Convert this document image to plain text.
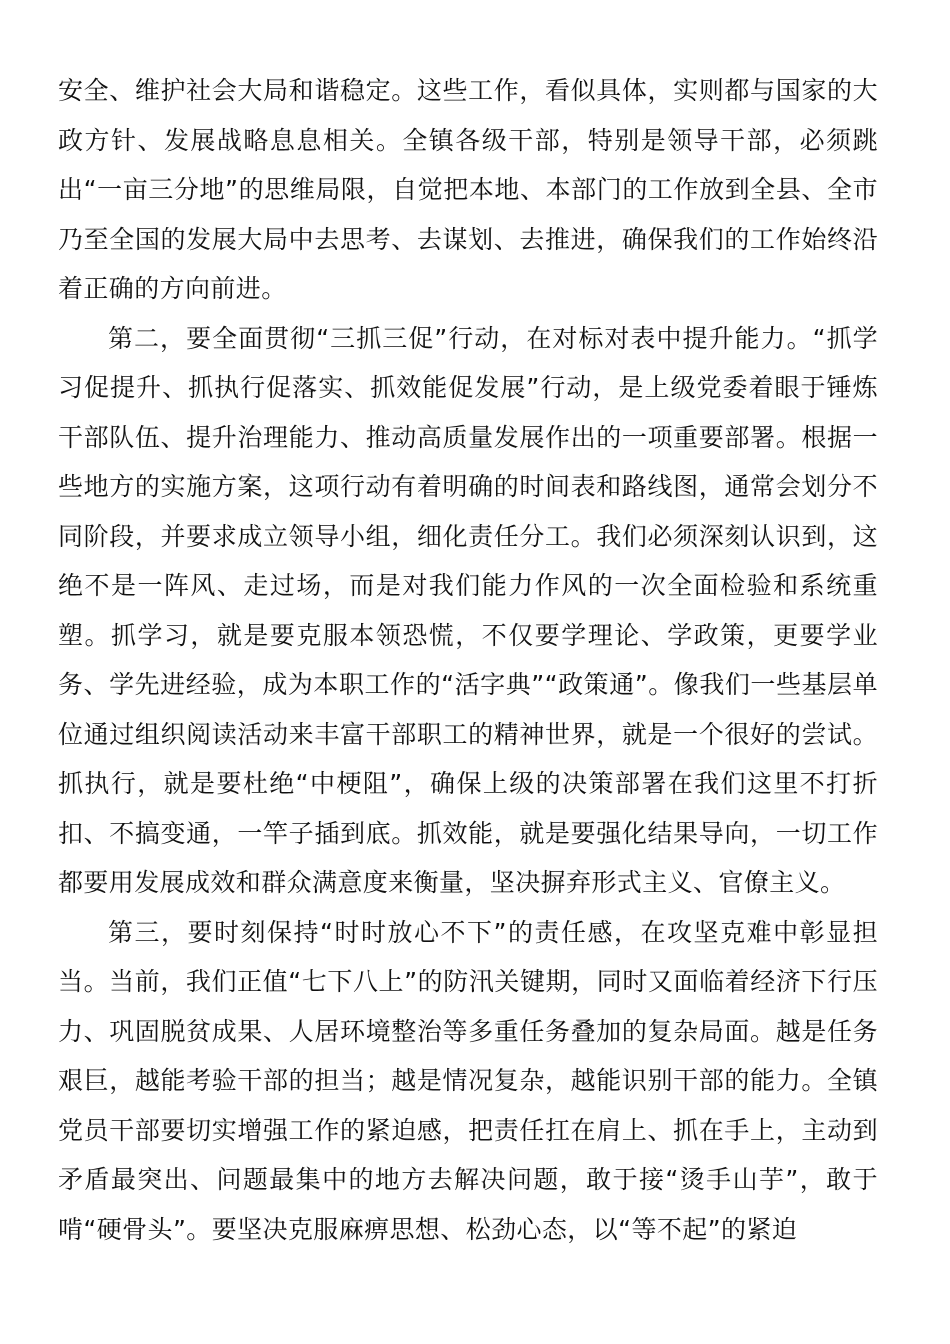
安全、维护社会大局和谐稳定。这些工作，看似具体，实则都与国家的大政方针、发展战略息息相关。全镇各级干部，特别是领导干部，必须跳出“一亩三分地”的思维局限，自觉把本地、本部门的工作放到全县、全市乃至全国的发展大局中去思考、去谋划、去推进，确保我们的工作始终沿着正确的方向前进。

第二，要全面贯彻“三抓三促”行动，在对标对表中提升能力。“抓学习促提升、抓执行促落实、抓效能促发展”行动，是上级党委着眼于锤炼干部队伍、提升治理能力、推动高质量发展作出的一项重要部署。根据一些地方的实施方案，这项行动有着明确的时间表和路线图，通常会划分不同阶段，并要求成立领导小组，细化责任分工。我们必须深刻认识到，这绝不是一阵风、走过场，而是对我们能力作风的一次全面检验和系统重塑。抓学习，就是要克服本领恐慌，不仅要学理论、学政策，更要学业务、学先进经验，成为本职工作的“活字典”“政策通”。像我们一些基层单位通过组织阅读活动来丰富干部职工的精神世界，就是一个很好的尝试。抓执行，就是要杜绝“中梗阻”，确保上级的决策部署在我们这里不打折扣、不搞变通，一竿子插到底。抓效能，就是要强化结果导向，一切工作都要用发展成效和群众满意度来衡量，坚决摒弃形式主义、官僚主义。

第三，要时刻保持“时时放心不下”的责任感，在攻坚克难中彰显担当。当前，我们正值“七下八上”的防汛关键期，同时又面临着经济下行压力、巩固脱贫成果、人居环境整治等多重任务叠加的复杂局面。越是任务艰巨，越能考验干部的担当；越是情况复杂，越能识别干部的能力。全镇党员干部要切实增强工作的紧迫感，把责任扛在肩上、抓在手上，主动到矛盾最突出、问题最集中的地方去解决问题，敢于接“烫手山芋”，敢于啃“硬骨头”。要坚决克服麻痹思想、松劲心态，以“等不起”的紧迫
